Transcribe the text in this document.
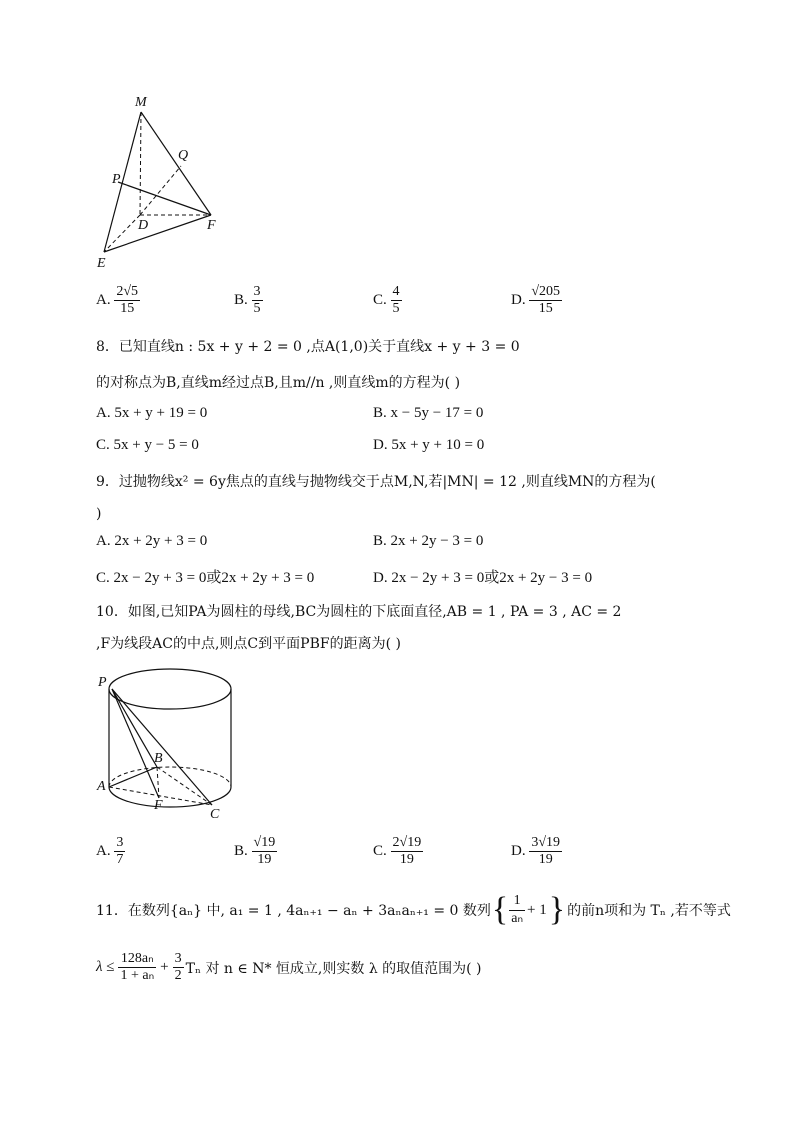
M
Q
P
D	F
E
A. $\frac{2√5}{15}$	B. $\frac{3}{5}$	C. $\frac{4}{5}$	D. $\frac{√205}{15}$
8．已知直线n : 5x + y + 2 = 0 ,点A(1,0)关于直线x + y + 3 = 0
的对称点为B,直线m经过点B,且m//n ,则直线m的方程为( )
A. 5x + y + 19 = 0	B. x − 5y − 17 = 0
C. 5x + y − 5 = 0	D. 5x + y + 10 = 0
9．过抛物线x² = 6y焦点的直线与抛物线交于点M,N,若|MN| = 12 ,则直线MN的方程为(
)
A. 2x + 2y + 3 = 0	B. 2x + 2y − 3 = 0
C. 2x − 2y + 3 = 0或2x + 2y + 3 = 0	D. 2x − 2y + 3 = 0或2x + 2y − 3 = 0
10．如图,已知PA为圆柱的母线,BC为圆柱的下底面直径,AB = 1 , PA = 3 , AC = 2
,F为线段AC的中点,则点C到平面PBF的距离为( )
P
B
A
F
C
A. $\frac{3}{7}$	B. $\frac{√19}{19}$	C. $\frac{2√19}{19}$	D. $\frac{3√19}{19}$
11．在数列{aₙ} 中, a₁ = 1 , 4aₙ₊₁ − aₙ + 3aₙaₙ₊₁ = 0 数列 { $\frac{1}{\text{aₙ}} + 1$ } 的前n项和为 Tₙ ,若不等式
$\lambda \le \frac{\text{128aₙ}}{\text{1 + aₙ}} + \frac{3}{2}$ Tₙ 对 n ∈ N* 恒成立,则实数 λ 的取值范围为( )
